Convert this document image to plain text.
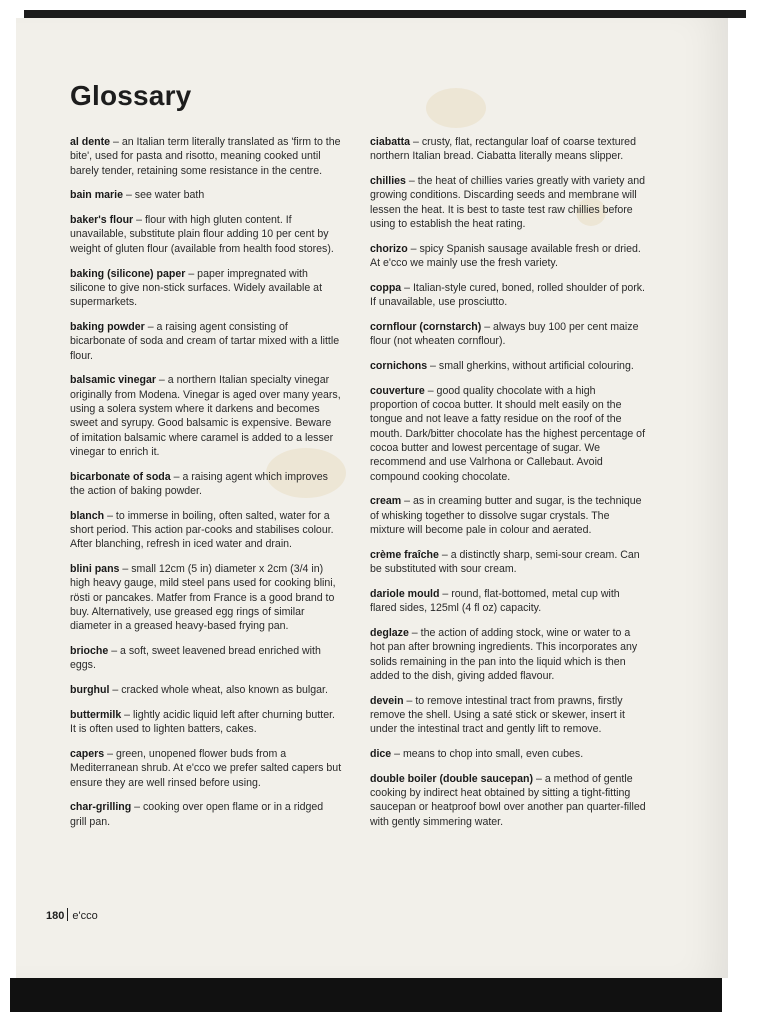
Glossary

al dente – an Italian term literally translated as 'firm to the bite', used for pasta and risotto, meaning cooked until barely tender, retaining some resistance in the centre.

bain marie – see water bath

baker's flour – flour with high gluten content. If unavailable, substitute plain flour adding 10 per cent by weight of gluten flour (available from health food stores).

baking (silicone) paper – paper impregnated with silicone to give non-stick surfaces. Widely available at supermarkets.

baking powder – a raising agent consisting of bicarbonate of soda and cream of tartar mixed with a little flour.

balsamic vinegar – a northern Italian specialty vinegar originally from Modena. Vinegar is aged over many years, using a solera system where it darkens and becomes sweet and syrupy. Good balsamic is expensive. Beware of imitation balsamic where caramel is added to a lesser vinegar to enrich it.

bicarbonate of soda – a raising agent which improves the action of baking powder.

blanch – to immerse in boiling, often salted, water for a short period. This action par-cooks and stabilises colour. After blanching, refresh in iced water and drain.

blini pans – small 12cm (5 in) diameter x 2cm (3/4 in) high heavy gauge, mild steel pans used for cooking blini, rösti or pancakes. Matfer from France is a good brand to buy. Alternatively, use greased egg rings of similar diameter in a greased heavy-based frying pan.

brioche – a soft, sweet leavened bread enriched with eggs.

burghul – cracked whole wheat, also known as bulgar.

buttermilk – lightly acidic liquid left after churning butter. It is often used to lighten batters, cakes.

capers – green, unopened flower buds from a Mediterranean shrub. At e'cco we prefer salted capers but ensure they are well rinsed before using.

char-grilling – cooking over open flame or in a ridged grill pan.

ciabatta – crusty, flat, rectangular loaf of coarse textured northern Italian bread. Ciabatta literally means slipper.

chillies – the heat of chillies varies greatly with variety and growing conditions. Discarding seeds and membrane will lessen the heat. It is best to taste test raw chillies before using to establish the heat rating.

chorizo – spicy Spanish sausage available fresh or dried. At e'cco we mainly use the fresh variety.

coppa – Italian-style cured, boned, rolled shoulder of pork. If unavailable, use prosciutto.

cornflour (cornstarch) – always buy 100 per cent maize flour (not wheaten cornflour).

cornichons – small gherkins, without artificial colouring.

couverture – good quality chocolate with a high proportion of cocoa butter. It should melt easily on the tongue and not leave a fatty residue on the roof of the mouth. Dark/bitter chocolate has the highest percentage of cocoa butter and lowest percentage of sugar. We recommend and use Valrhona or Callebaut. Avoid compound cooking chocolate.

cream – as in creaming butter and sugar, is the technique of whisking together to dissolve sugar crystals. The mixture will become pale in colour and aerated.

crème fraîche – a distinctly sharp, semi-sour cream. Can be substituted with sour cream.

dariole mould – round, flat-bottomed, metal cup with flared sides, 125ml (4 fl oz) capacity.

deglaze – the action of adding stock, wine or water to a hot pan after browning ingredients. This incorporates any solids remaining in the pan into the liquid which is then added to the dish, giving added flavour.

devein – to remove intestinal tract from prawns, firstly remove the shell. Using a saté stick or skewer, insert it under the intestinal tract and gently lift to remove.

dice – means to chop into small, even cubes.

double boiler (double saucepan) – a method of gentle cooking by indirect heat obtained by sitting a tight-fitting saucepan or heatproof bowl over another pan quarter-filled with gently simmering water.

180 e'cco
